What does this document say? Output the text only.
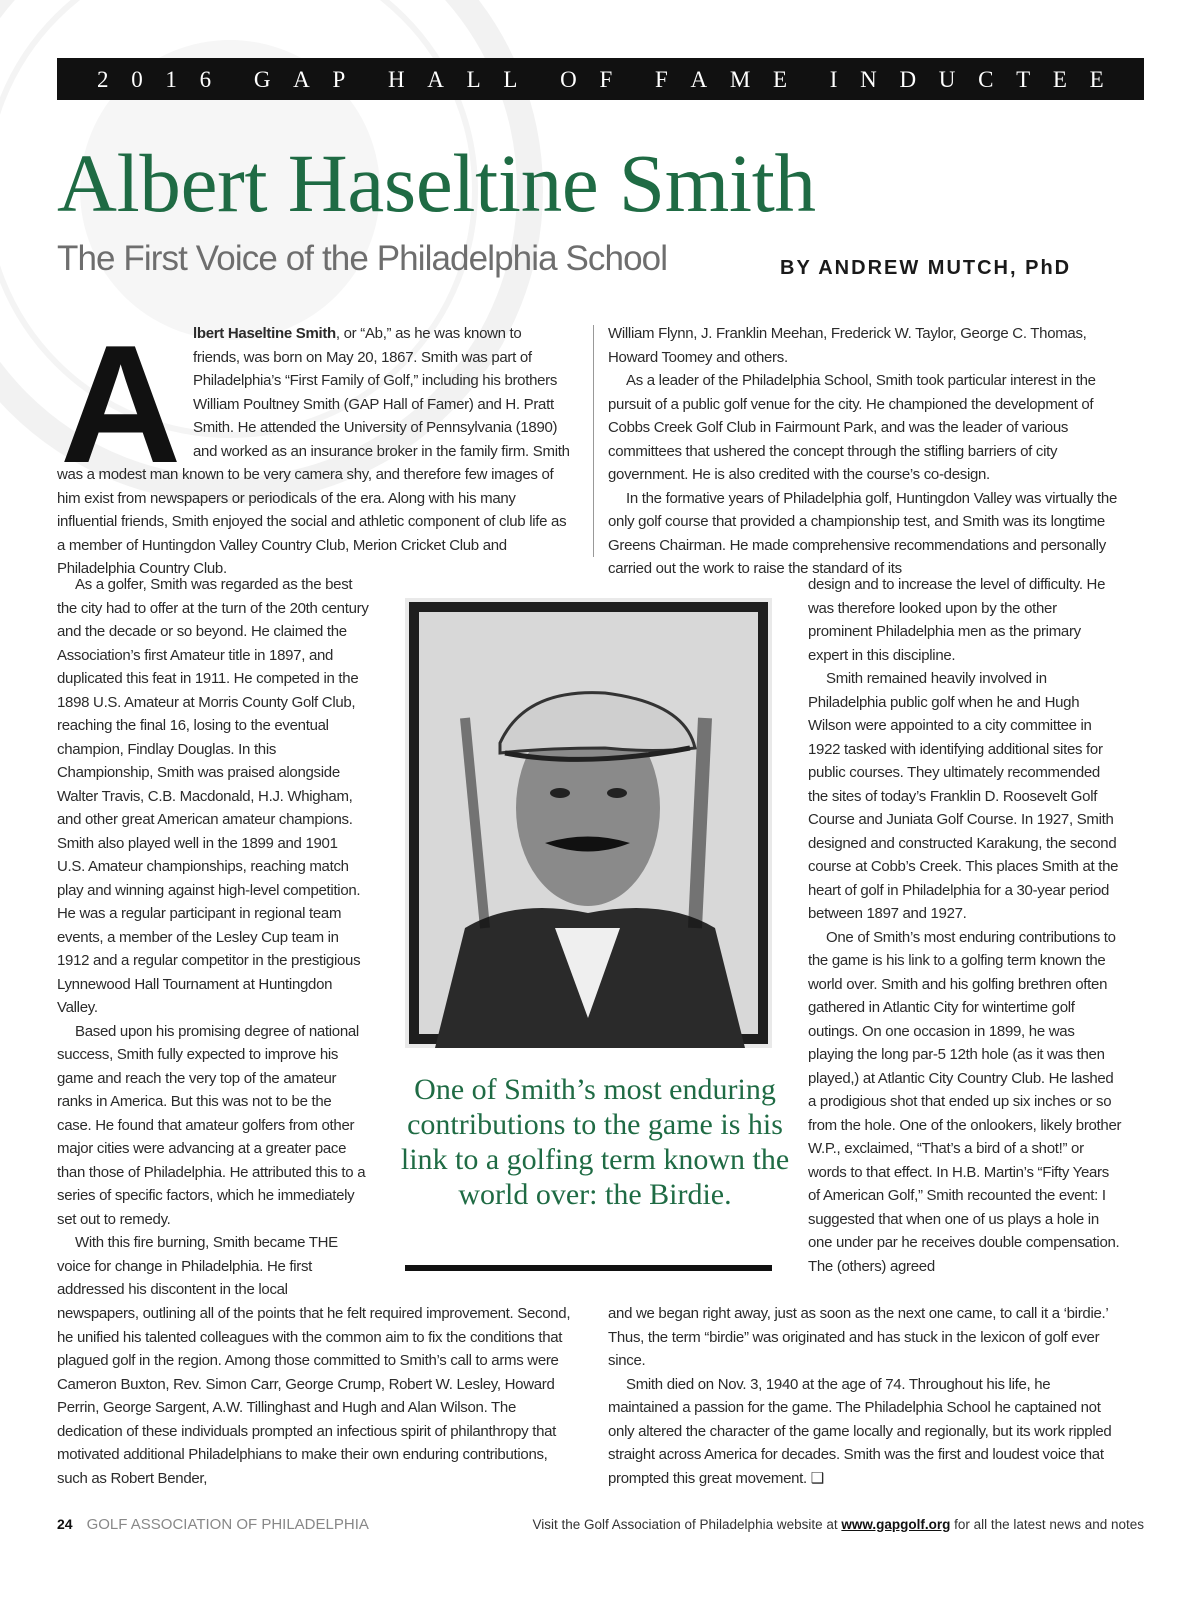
2 0 1 6 G A P H A L L O F F A M E I N D U C T E E
Albert Haseltine Smith
The First Voice of the Philadelphia School	BY ANDREW MUTCH, PhD
A lbert Haseltine Smith, or “Ab,” as he was known to friends, was born on May 20, 1867. Smith was part of Philadelphia’s “First Family of Golf,” including his brothers William Poultney Smith (GAP Hall of Famer) and H. Pratt Smith. He attended the University of Pennsylvania (1890) and worked as an insurance broker in the family firm. Smith was a modest man known to be very camera shy, and therefore few images of him exist from newspapers or periodicals of the era. Along with his many influential friends, Smith enjoyed the social and athletic component of club life as a member of Huntingdon Valley Country Club, Merion Cricket Club and Philadelphia Country Club.

As a golfer, Smith was regarded as the best the city had to offer at the turn of the 20th century and the decade or so beyond. He claimed the Association’s first Amateur title in 1897, and duplicated this feat in 1911. He competed in the 1898 U.S. Amateur at Morris County Golf Club, reaching the final 16, losing to the eventual champion, Findlay Douglas. In this Championship, Smith was praised alongside Walter Travis, C.B. Macdonald, H.J. Whigham, and other great American amateur champions. Smith also played well in the 1899 and 1901 U.S. Amateur championships, reaching match play and winning against high-level competition. He was a regular participant in regional team events, a member of the Lesley Cup team in 1912 and a regular competitor in the prestigious Lynnewood Hall Tournament at Huntingdon Valley.

Based upon his promising degree of national success, Smith fully expected to improve his game and reach the very top of the amateur ranks in America. But this was not to be the case. He found that amateur golfers from other major cities were advancing at a greater pace than those of Philadelphia. He attributed this to a series of specific factors, which he immediately set out to remedy.

With this fire burning, Smith became THE voice for change in Philadelphia. He first addressed his discontent in the local

newspapers, outlining all of the points that he felt required improvement. Second, he unified his talented colleagues with the common aim to fix the conditions that plagued golf in the region. Among those committed to Smith’s call to arms were Cameron Buxton, Rev. Simon Carr, George Crump, Robert W. Lesley, Howard Perrin, George Sargent, A.W. Tillinghast and Hugh and Alan Wilson. The dedication of these individuals prompted an infectious spirit of philanthropy that motivated additional Philadelphians to make their own enduring contributions, such as Robert Bender,

William Flynn, J. Franklin Meehan, Frederick W. Taylor, George C. Thomas, Howard Toomey and others.

As a leader of the Philadelphia School, Smith took particular interest in the pursuit of a public golf venue for the city. He championed the development of Cobbs Creek Golf Club in Fairmount Park, and was the leader of various committees that ushered the concept through the stifling barriers of city government. He is also credited with the course’s co-design.

In the formative years of Philadelphia golf, Huntingdon Valley was virtually the only golf course that provided a championship test, and Smith was its longtime Greens Chairman. He made comprehensive recommendations and personally carried out the work to raise the standard of its

design and to increase the level of difficulty. He was therefore looked upon by the other prominent Philadelphia men as the primary expert in this discipline.

Smith remained heavily involved in Philadelphia public golf when he and Hugh Wilson were appointed to a city committee in 1922 tasked with identifying additional sites for public courses. They ultimately recommended the sites of today’s Franklin D. Roosevelt Golf Course and Juniata Golf Course. In 1927, Smith designed and constructed Karakung, the second course at Cobb’s Creek. This places Smith at the heart of golf in Philadelphia for a 30-year period between 1897 and 1927.

One of Smith’s most enduring contributions to the game is his link to a golfing term known the world over. Smith and his golfing brethren often gathered in Atlantic City for wintertime golf outings. On one occasion in 1899, he was playing the long par-5 12th hole (as it was then played,) at Atlantic City Country Club. He lashed a prodigious shot that ended up six inches or so from the hole. One of the onlookers, likely brother W.P., exclaimed, “That’s a bird of a shot!” or words to that effect. In H.B. Martin’s “Fifty Years of American Golf,” Smith recounted the event: I suggested that when one of us plays a hole in one under par he receives double compensation. The (others) agreed

and we began right away, just as soon as the next one came, to call it a ‘birdie.’ Thus, the term “birdie” was originated and has stuck in the lexicon of golf ever since.

Smith died on Nov. 3, 1940 at the age of 74. Throughout his life, he maintained a passion for the game. The Philadelphia School he captained not only altered the character of the game locally and regionally, but its work rippled straight across America for decades. Smith was the first and loudest voice that prompted this great movement. ❑

One of Smith’s most enduring contributions to the game is his link to a golfing term known the world over: the Birdie.

24 GOLF ASSOCIATION OF PHILADELPHIA	Visit the Golf Association of Philadelphia website at www.gapgolf.org for all the latest news and notes
